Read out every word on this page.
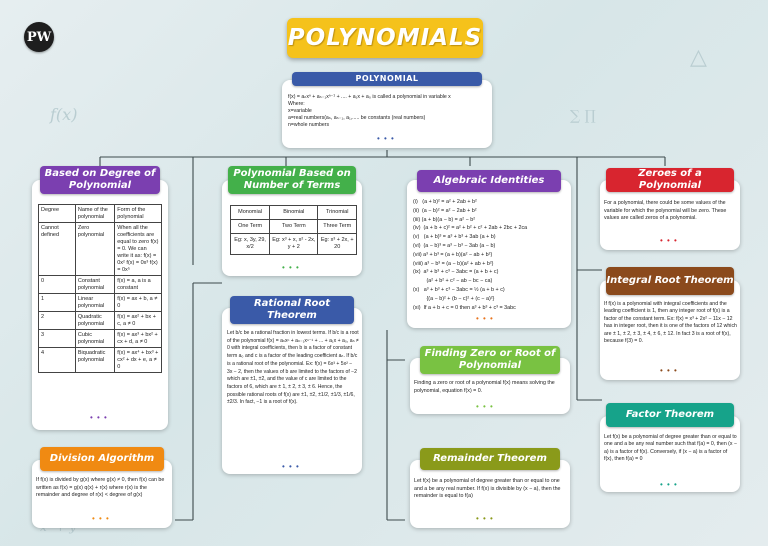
f(x)	∑ ∏
△
PW	POLYNOMIALS
POLYNOMIAL
f(x) = aₙxⁿ + aₙ₋₁xⁿ⁻¹ + .... + a₁x + a₀ is called a polynomial in variable x
Where:
x=variable
a=real numbers(aₙ, aₙ₋₁, a₁,..... be constants (real numbers)
n=whole numbers
• • •
Based on Degree of Polynomial
Degree	Name of the polynomial	Form of the polynomial
Cannot defined	Zero polynomial	When all the coefficients are equal to zero f(x) = 0. We can write it as: f(x) = 0x² f(x) = 0x³ f(x) = 0x⁵
0	Constant polynomial	f(x) = a, a is a constant
1	Linear polynomial	f(x) = ax + b, a ≠ 0
2	Quadratic polynomial	f(x) = ax² + bx + c, a ≠ 0
3	Cubic polynomial	f(x) = ax³ + bx² + cx + d, a ≠ 0
4	Biquadratic polynomial	f(x) = ax⁴ + bx³ + cx² + dx + e, a ≠ 0
• • •
Polynomial Based on Number of Terms
Monomial	Binomial	Trinomial
One Term	Two Term	Three Term
Eg: x, 3y, 29, x/2	Eg: x³ + x, x² - 2x, y + 2	Eg: x³ + 2x, + 20
• • •
Algebraic Identities
(i)   (a + b)² = a² + 2ab + b²
(ii)  (a − b)² = a² − 2ab + b²
(iii) (a + b)(a − b) = a² − b²
(iv)  (a + b + c)² = a² + b² + c² + 2ab + 2bc + 2ca
(v)   (a + b)³ = a³ + b³ + 3ab (a + b)
(vi)  (a − b)³ = a³ − b³ − 3ab (a − b)
(vii) a³ + b³ = (a + b)(a² − ab + b²)
(viii) a³ − b³ = (a − b)(a² + ab + b²)
(ix)  a³ + b³ + c³ − 3abc = (a + b + c)
(a² + b² + c² − ab − bc − ca)
(x)   a³ + b³ + c³ − 3abc = ½ (a + b + c)
{(a − b)² + (b − c)² + (c − a)²}
(xi)  If a + b + c = 0 then a³ + b³ + c³ = 3abc
• • •
Zeroes of a Polynomial
For a polynomial, there could be some values of the variable for which the polynomial will be zero. These values are called zeros of a polynomial.
• • •
Integral Root Theorem
If f(x) is a polynomial with integral coefficients and the leading coefficient is 1, then any integer root of f(x) is a factor of the constant term. Ex: f(x) = x³ + 2x² − 11x − 12 has in integer root, then it is one of the factors of 12 which are ± 1, ± 2, ± 3, ± 4, ± 6, ± 12. In fact 3 is a root of f(x), because f(3) = 0.
• • •
Rational Root Theorem
Let b/c be a rational fraction in lowest terms. If b/c is a root of the polynomial f(x) = aₙxⁿ + aₙ₋₁xⁿ⁻¹ + ... + a₁x + a₀, aₙ ≠ 0 with integral coefficients, then b is a factor of constant term a₀ and c is a factor of the leading coefficient aₙ. If b/c is a rational root of the polynomial. Ex: f(x) = 6x³ + 5x² − 3x − 2, then the values of b are limited to the factors of −2 which are ±1, ±2, and the value of c are limited to the factors of 6, which are ± 1, ± 2, ± 3, ± 6. Hence, the possible rational roots of f(x) are ±1, ±2, ±1/2, ±1/3, ±1/6, ±2/3. In fact, −1 is a root of f(x).
• • •
Finding Zero or Root of Polynomial
Finding a zero or root of a polynomial f(x) means solving the polynomial, equation f(x) = 0.
• • •
Factor Theorem
Let f(x) be a polynomial of degree greater than or equal to one and a be any real number such that f(a) = 0, then (x − a) is a factor of f(x). Conversely, if (x − a) is a factor of f(x), then f(a) = 0
• • •
Division Algorithm
If f(x) is divided by g(x) where g(x) ≠ 0, then f(x) can be written as f(x) = g(x) q(x) + r(x) where r(x) is the remainder and degree of r(x) < degree of g(x)
• • •
Remainder Theorem
Let f(x) be a polynomial of degree greater than or equal to one and a be any real number. If f(x) is divisible by (x − a), then the remainder is equal to f(a)
• • •
